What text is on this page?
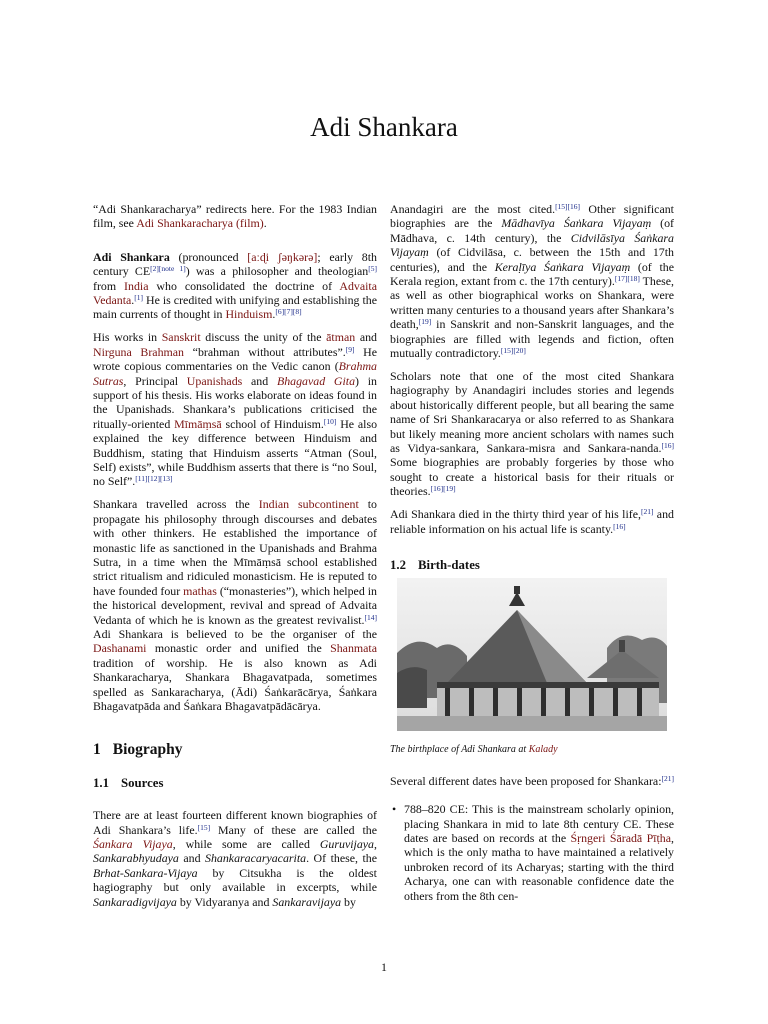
Adi Shankara

“Adi Shankaracharya” redirects here. For the 1983 Indian film, see Adi Shankaracharya (film).

Adi Shankara (pronounced [aːɖi ʃəŋkərə]; early 8th century CE[2][note 1]) was a philosopher and theologian[5] from India who consolidated the doctrine of Advaita Vedanta.[1] He is credited with unifying and establishing the main currents of thought in Hinduism.[6][7][8]

His works in Sanskrit discuss the unity of the ātman and Nirguna Brahman “brahman without attributes”.[9] He wrote copious commentaries on the Vedic canon (Brahma Sutras, Principal Upanishads and Bhagavad Gita) in support of his thesis. His works elaborate on ideas found in the Upanishads. Shankara’s publications criticised the ritually-oriented Mīmāṃsā school of Hinduism.[10] He also explained the key difference between Hinduism and Buddhism, stating that Hinduism asserts “Atman (Soul, Self) exists”, while Buddhism asserts that there is “no Soul, no Self”.[11][12][13]

Shankara travelled across the Indian subcontinent to propagate his philosophy through discourses and debates with other thinkers. He established the importance of monastic life as sanctioned in the Upanishads and Brahma Sutra, in a time when the Mīmāṃsā school established strict ritualism and ridiculed monasticism. He is reputed to have founded four mathas (“monasteries”), which helped in the historical development, revival and spread of Advaita Vedanta of which he is known as the greatest revivalist.[14] Adi Shankara is believed to be the organiser of the Dashanami monastic order and unified the Shanmata tradition of worship. He is also known as Adi Shankaracharya, Shankara Bhagavatpada, sometimes spelled as Sankaracharya, (Ādi) Śaṅkarācārya, Śaṅkara Bhagavatpāda and Śaṅkara Bhagavatpādācārya.

1 Biography
1.1 Sources

There are at least fourteen different known biographies of Adi Shankara’s life.[15] Many of these are called the Śankara Vijaya, while some are called Guruvijaya, Sankarabhyudaya and Shankaracaryacarita. Of these, the Brhat-Sankara-Vijaya by Citsukha is the oldest hagiography but only available in excerpts, while Sankaradigvijaya by Vidyaranya and Sankaravijaya by

Anandagiri are the most cited.[15][16] Other significant biographies are the Mādhavīya Śaṅkara Vijayaṃ (of Mādhava, c. 14th century), the Cidvilāsīya Śaṅkara Vijayaṃ (of Cidvilāsa, c. between the 15th and 17th centuries), and the Keraḷīya Śaṅkara Vijayaṃ (of the Kerala region, extant from c. the 17th century).[17][18] These, as well as other biographical works on Shankara, were written many centuries to a thousand years after Shankara’s death,[19] in Sanskrit and non-Sanskrit languages, and the biographies are filled with legends and fiction, often mutually contradictory.[15][20]

Scholars note that one of the most cited Shankara hagiography by Anandagiri includes stories and legends about historically different people, but all bearing the same name of Sri Shankaracarya or also referred to as Shankara but likely meaning more ancient scholars with names such as Vidya-sankara, Sankara-misra and Sankara-nanda.[16] Some biographies are probably forgeries by those who sought to create a historical basis for their rituals or theories.[16][19]

Adi Shankara died in the thirty third year of his life,[21] and reliable information on his actual life is scanty.[16]

1.2 Birth-dates

The birthplace of Adi Shankara at Kalady

Several different dates have been proposed for Shankara:[21]

• 788–820 CE: This is the mainstream scholarly opinion, placing Shankara in mid to late 8th century CE. These dates are based on records at the Śṛngeri Śāradā Pīṭha, which is the only matha to have maintained a relatively unbroken record of its Acharyas; starting with the third Acharya, one can with reasonable confidence date the others from the 8th cen-
1
